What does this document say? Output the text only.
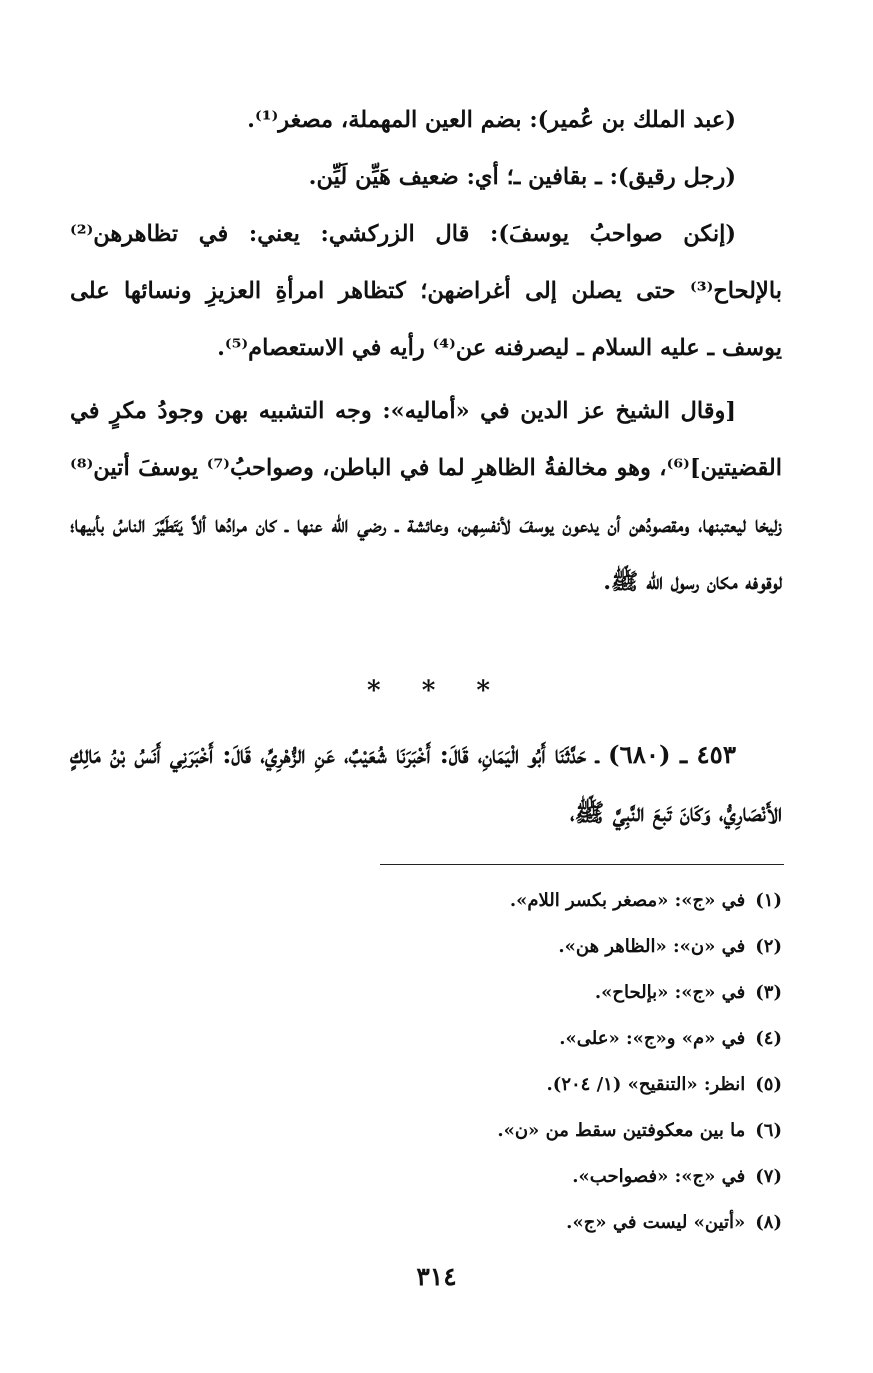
(عبد الملك بن عُمير): بضم العين المهملة، مصغر⁽¹⁾.

(رجل رقيق): ـ بقافين ـ؛ أي: ضعيف هَيِّن لَيِّن.

(إنكن صواحبُ يوسفَ): قال الزركشي: يعني: في تظاهرهن⁽²⁾ بالإلحاح⁽³⁾ حتى يصلن إلى أغراضهن؛ كتظاهر امرأةِ العزيزِ ونسائها على يوسف ـ عليه السلام ـ ليصرفنه عن⁽⁴⁾ رأيه في الاستعصام⁽⁵⁾.

[وقال الشيخ عز الدين في «أماليه»: وجه التشبيه بهن وجودُ مكرٍ في القضيتين]⁽⁶⁾، وهو مخالفةُ الظاهرِ لما في الباطن، وصواحبُ⁽⁷⁾ يوسفَ أتين⁽⁸⁾ زليخا ليعتبنها، ومقصودُهن أن يدعون يوسفَ لأنفسِهن، وعائشة ـ رضي الله عنها ـ كان مرادُها ألاَّ يَتَطَيَّرَ الناسُ بأبيها؛ لوقوفه مكان رسول الله ﷺ.

* * *

٤٥٣ ـ (٦٨٠) ـ حَدَّثَنَا أَبُو الْيَمَانِ، قَالَ: أَخْبَرَنَا شُعَيْبٌ، عَنِ الزُّهْرِيِّ، قَالَ: أَخْبَرَنِي أَنَسُ بْنُ مَالِكٍ الأَنْصَارِيُّ، وَكَانَ تَبعَ النَّبِيَّ ﷺ،

(١)في «ج»: «مصغر بكسر اللام».
(٢)في «ن»: «الظاهر هن».
(٣)في «ج»: «بإلحاح».
(٤)في «م» و«ج»: «على».
(٥)انظر: «التنقيح» (١/ ٢٠٤).
(٦)ما بين معكوفتين سقط من «ن».
(٧)في «ج»: «فصواحب».
(٨)«أتين» ليست في «ج».
٣١٤
